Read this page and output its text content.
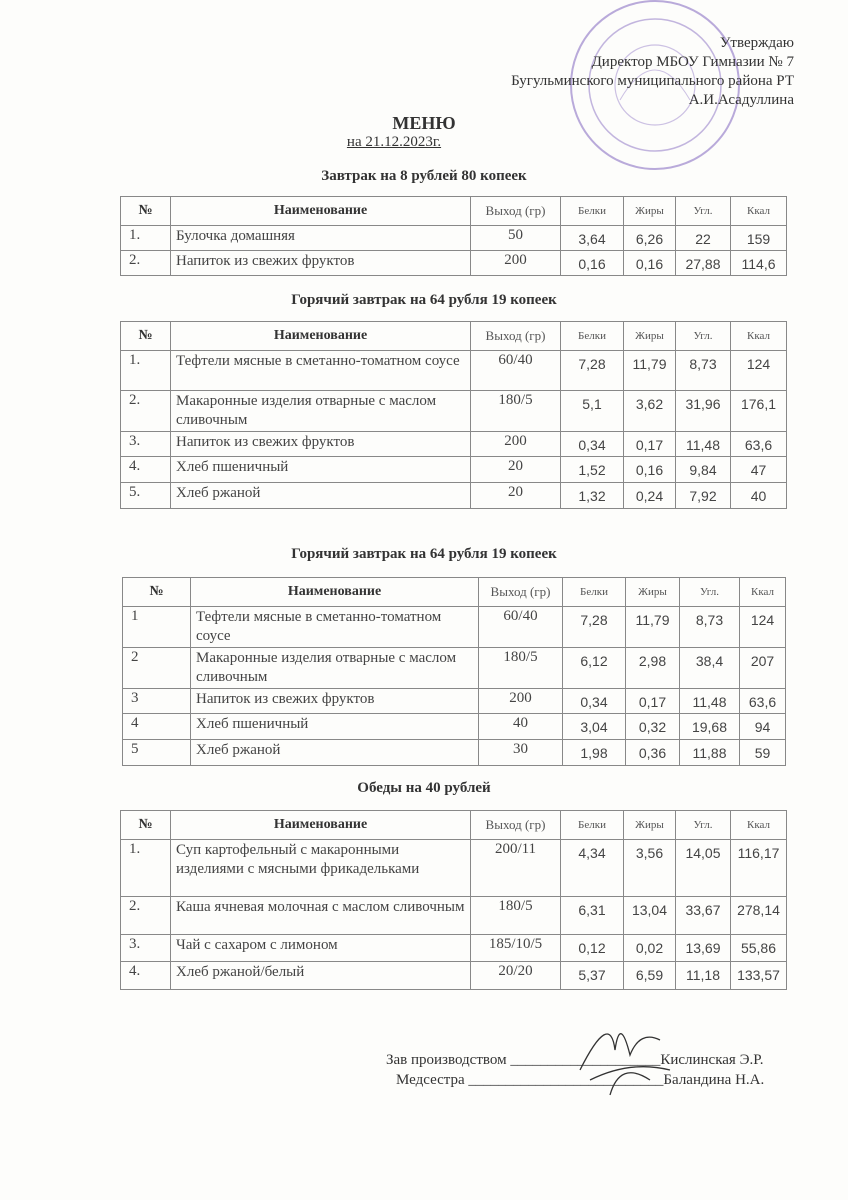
Утверждаю
Директор МБОУ Гимназии № 7
Бугульминского муниципального района РТ
А.И.Асадуллина
МЕНЮ
на 21.12.2023г.
Завтрак на 8 рублей 80 копеек
№	Наименование	Выход (гр)	Белки	Жиры	Угл.	Ккал
1.	Булочка домашняя	50	3,64	6,26	22	159
2.	Напиток из свежих фруктов	200	0,16	0,16	27,88	114,6
Горячий завтрак на 64 рубля 19 копеек
№	Наименование	Выход (гр)	Белки	Жиры	Угл.	Ккал
1.	Тефтели мясные в сметанно-томатном соусе	60/40	7,28	11,79	8,73	124
2.	Макаронные изделия отварные с маслом сливочным	180/5	5,1	3,62	31,96	176,1
3.	Напиток из свежих фруктов	200	0,34	0,17	11,48	63,6
4.	Хлеб пшеничный	20	1,52	0,16	9,84	47
5.	Хлеб ржаной	20	1,32	0,24	7,92	40
Горячий завтрак на 64 рубля 19 копеек
№	Наименование	Выход (гр)	Белки	Жиры	Угл.	Ккал
1	Тефтели мясные в сметанно-томатном соусе	60/40	7,28	11,79	8,73	124
2	Макаронные изделия отварные с маслом сливочным	180/5	6,12	2,98	38,4	207
3	Напиток из свежих фруктов	200	0,34	0,17	11,48	63,6
4	Хлеб пшеничный	40	3,04	0,32	19,68	94
5	Хлеб ржаной	30	1,98	0,36	11,88	59
Обеды на 40 рублей
№	Наименование	Выход (гр)	Белки	Жиры	Угл.	Ккал
1.	Суп картофельный с макаронными изделиями с мясными фрикадельками	200/11	4,34	3,56	14,05	116,17
2.	Каша ячневая молочная с маслом сливочным	180/5	6,31	13,04	33,67	278,14
3.	Чай с сахаром с лимоном	185/10/5	0,12	0,02	13,69	55,86
4.	Хлеб ржаной/белый	20/20	5,37	6,59	11,18	133,57
Зав производством ____________________Кислинская Э.Р.
Медсестра __________________________Баландина Н.А.
